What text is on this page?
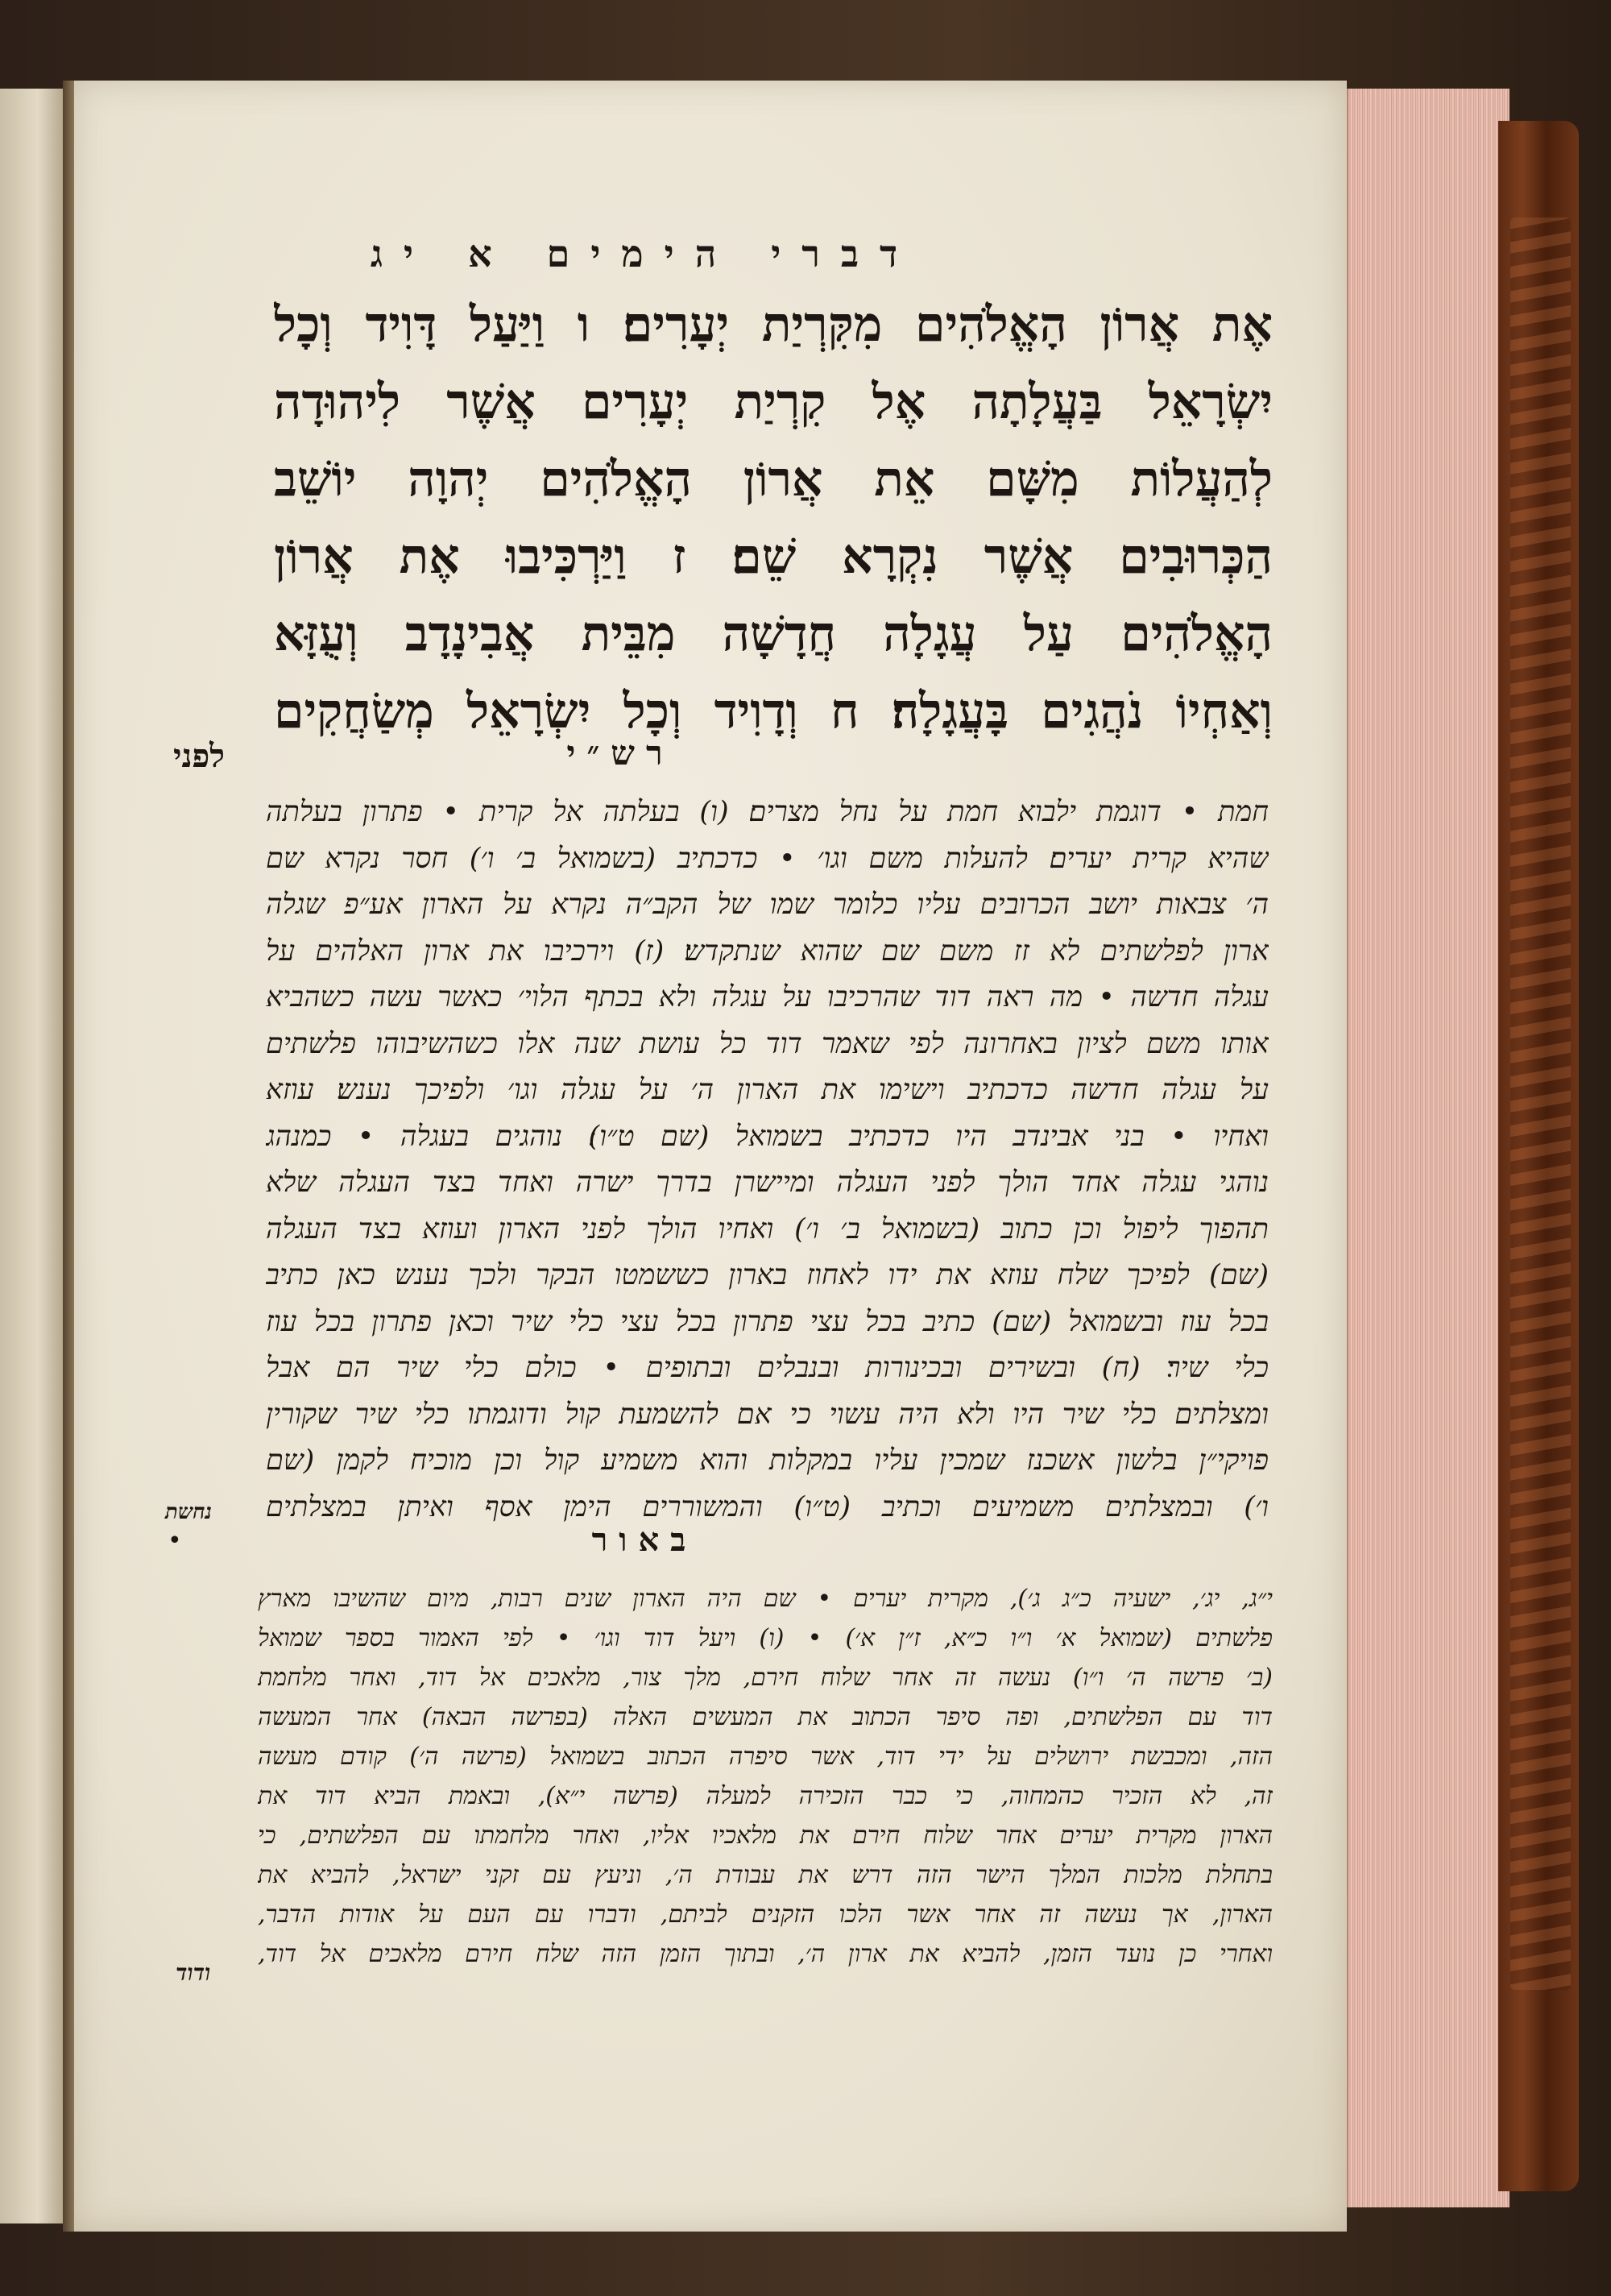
דברי הימים א יג
אֶת אֲרוֹן הָאֱלֹהִים מִקִּרְיַת יְעָרִים׃ ו וַיַּעַל דָּוִיד וְכָל
יִשְׂרָאֵל בַּעֲלָתָה אֶל קִרְיַת יְעָרִים אֲשֶׁר לִיהוּדָה
לְהַעֲלוֹת מִשָּׁם אֵת אֲרוֹן הָאֱלֹהִים יְהוָה יוֹשֵׁב
הַכְּרוּבִים אֲשֶׁר נִקְרָא שֵׁם׃ ז וַיַּרְכִּיבוּ אֶת אֲרוֹן
הָאֱלֹהִים עַל עֲגָלָה חֲדָשָׁה מִבֵּית אֲבִינָדָב וְעֻזָּא
וְאַחְיוֹ נֹהֲגִים בָּעֲגָלָה׃ ח וְדָוִיד וְכָל יִשְׂרָאֵל מְשַׂחֲקִים
לפני	רש״י
חמת • דוגמת ילבוא חמת על נחל מצרים׃ (ו) בעלתה אל קרית • פתרון בעלתה
שהיא קרית יערים׃ להעלות משם וגו׳ • כדכתיב (בשמואל ב׳ ו׳) חסר נקרא שם
ה׳ צבאות יושב הכרובים עליו כלומר שמו של הקב״ה נקרא על הארון אע״פ שגלה
ארון לפלשתים לא זז משם שם שהוא שנתקדש׃ (ז) וירכיבו את ארון האלהים על
עגלה חדשה • מה ראה דוד שהרכיבו על עגלה ולא בכתף הלוי׳ כאשר עשה כשהביא
אותו משם לציון באחרונה לפי שאמר דוד כל עושת שנה אלו כשהשיבוהו פלשתים
על עגלה חדשה כדכתיב וישימו את הארון ה׳ על עגלה וגו׳ ולפיכך נענש׃ עוזא
ואחיו • בני אבינדב היו כדכתיב בשמואל (שם ט״ו)׃ נוהגים בעגלה • כמנהג
נוהגי עגלה אחד הולך לפני העגלה ומיישרן בדרך ישרה ואחד בצד העגלה שלא
תהפוך ליפול וכן כתוב (בשמואל ב׳ ו׳) ואחיו הולך לפני הארון ועוזא בצד העגלה
(שם) לפיכך שלח עוזא את ידו לאחוז בארון כששמטו הבקר ולכך נענש כאן כתיב
בכל עוז ובשמואל (שם) כתיב בכל עצי פתרון בכל עצי כלי שיר וכאן פתרון בכל עוז
כלי שיר׃ (ח) ובשירים ובכינורות ובנבלים ובתופים • כולם כלי שיר הם אבל
ומצלתים כלי שיר היו ולא היה עשוי כי אם להשמעת קול ודוגמתו כלי שיר שקורין
פויקי״ן בלשון אשכנז שמכין עליו במקלות והוא משמיע קול וכן מוכיח לקמן (שם
ו׳) ובמצלתים משמיעים וכתיב (ט״ו) והמשוררים הימן אסף ואיתן במצלתים
נחשת
•	באור
י״ג, יג׳, ישעיה כ״ג ג׳), מקרית יערים • שם היה הארון שנים רבות, מיום שהשיבו מארץ
פלשתים (שמואל א׳ ו״ו כ״א, ז״ן א׳) • (ו) ויעל דוד וגו׳ • לפי האמור בספר שמואל
(ב׳ פרשה ה׳ ו״ו) נעשה זה אחר שלוח חירם, מלך צור, מלאכים אל דוד, ואחר מלחמת
דוד עם הפלשתים, ופה סיפר הכתוב את המעשים האלה (בפרשה הבאה) אחר המעשה
הזה, ומכבשת ירושלים על ידי דוד, אשר סיפרה הכתוב בשמואל (פרשה ה׳) קודם מעשה
זה, לא הזכיר כהמחוה, כי כבר הזכירה למעלה (פרשה י״א), ובאמת הביא דוד את
הארון מקרית יערים אחר שלוח חירם את מלאכיו אליו, ואחר מלחמתו עם הפלשתים, כי
בתחלת מלכות המלך הישר הזה דרש את עבודת ה׳, וניעץ עם זקני ישראל, להביא את
הארון, אך נעשה זה אחר אשר הלכו הזקנים לביתם, ודברו עם העם על אודות הדבר,
ואחרי כן נועד הזמן, להביא את ארון ה׳, ובתוך הזמן הזה שלח חירם מלאכים אל דוד,
ודוד
